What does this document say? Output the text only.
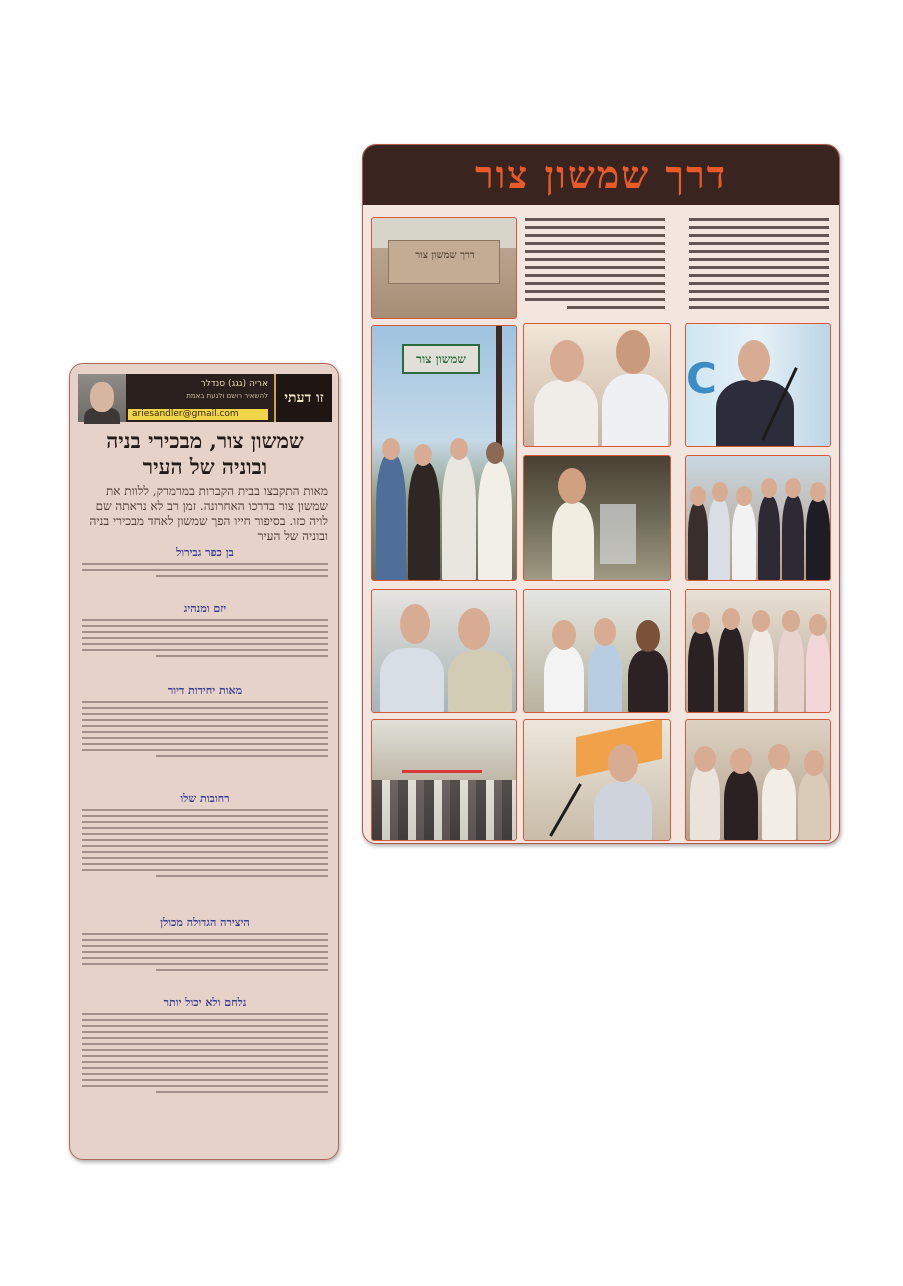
זו דעתי
אריה (גגג) סנדלר
להשאיר רושם ולגעת באמת
ariesandler@gmail.com
שמשון צור, מבכירי בניה ובוניה של העיר
מאות התקבצו בבית הקברות במרמרק, ללוות את שמשון צור בדרכו האחרונה. זמן רב לא נראתה שם לויה כזו. בסיפור חייו הפך שמשון לאחד מבכירי בניה ובוניה של העיר
בן כפר גבירול
יזם ומנהיג
מאות יחידות דיור
רחובות שלו
היצירה הגדולה מכולן
נלחם ולא יכול יותר
דרך שמשון צור
דרך שמשון צור
שמשון צור	C
